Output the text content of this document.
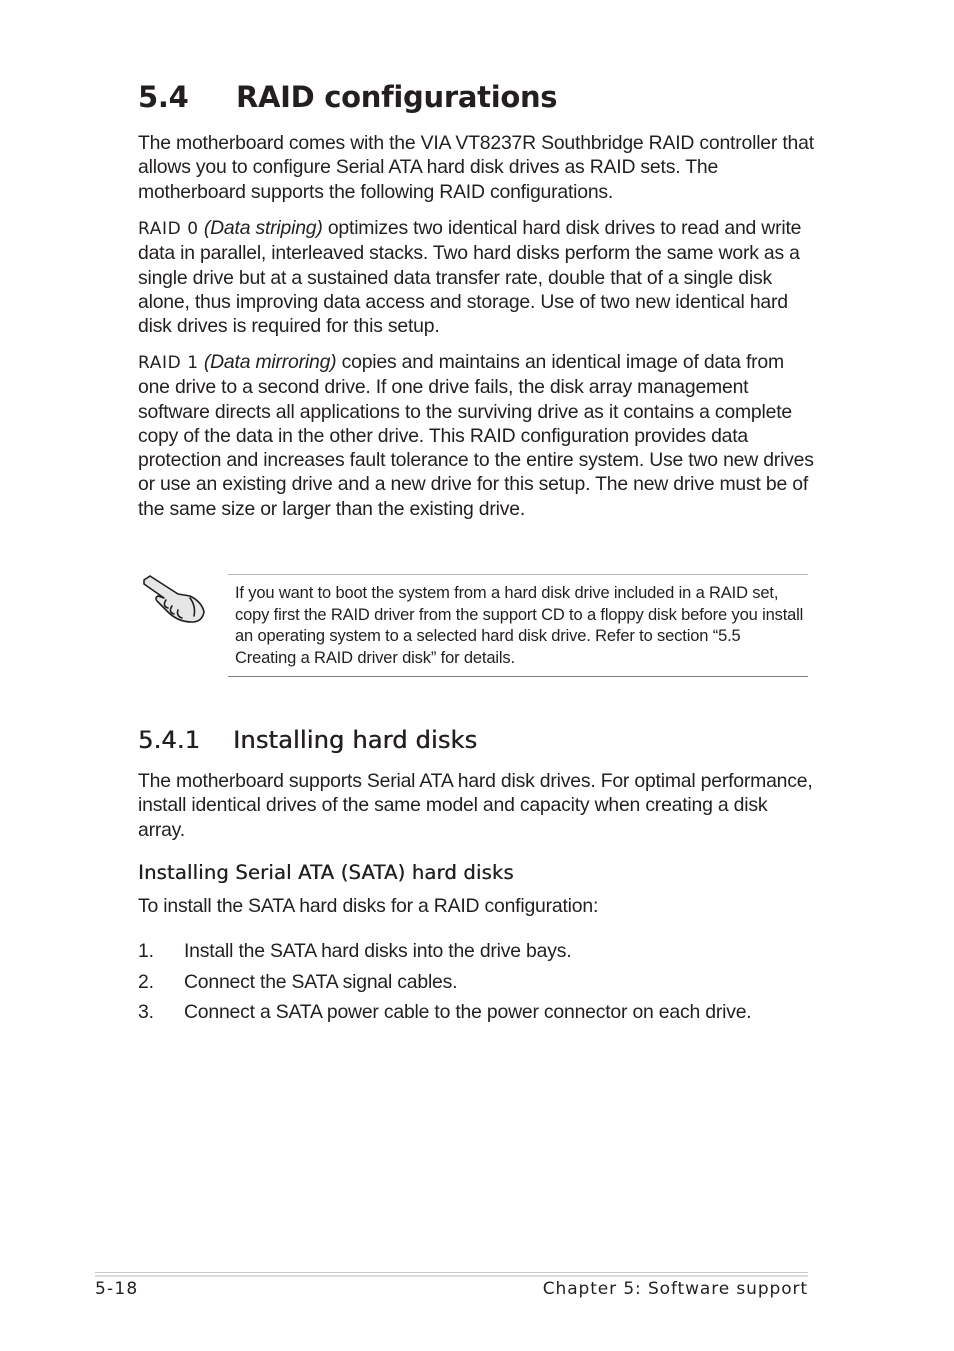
5.4 RAID configurations

The motherboard comes with the VIA VT8237R Southbridge RAID controller that allows you to configure Serial ATA hard disk drives as RAID sets. The motherboard supports the following RAID configurations.

RAID 0 (Data striping) optimizes two identical hard disk drives to read and write data in parallel, interleaved stacks. Two hard disks perform the same work as a single drive but at a sustained data transfer rate, double that of a single disk alone, thus improving data access and storage. Use of two new identical hard disk drives is required for this setup.

RAID 1 (Data mirroring) copies and maintains an identical image of data from one drive to a second drive. If one drive fails, the disk array management software directs all applications to the surviving drive as it contains a complete copy of the data in the other drive. This RAID configuration provides data protection and increases fault tolerance to the entire system. Use two new drives or use an existing drive and a new drive for this setup. The new drive must be of the same size or larger than the existing drive.

If you want to boot the system from a hard disk drive included in a RAID set, copy first the RAID driver from the support CD to a floppy disk before you install an operating system to a selected hard disk drive. Refer to section “5.5 Creating a RAID driver disk” for details.

5.4.1 Installing hard disks

The motherboard supports Serial ATA hard disk drives. For optimal performance, install identical drives of the same model and capacity when creating a disk array.

Installing Serial ATA (SATA) hard disks

To install the SATA hard disks for a RAID configuration:

1. Install the SATA hard disks into the drive bays.
2. Connect the SATA signal cables.
3. Connect a SATA power cable to the power connector on each drive.
5-18	Chapter 5: Software support
